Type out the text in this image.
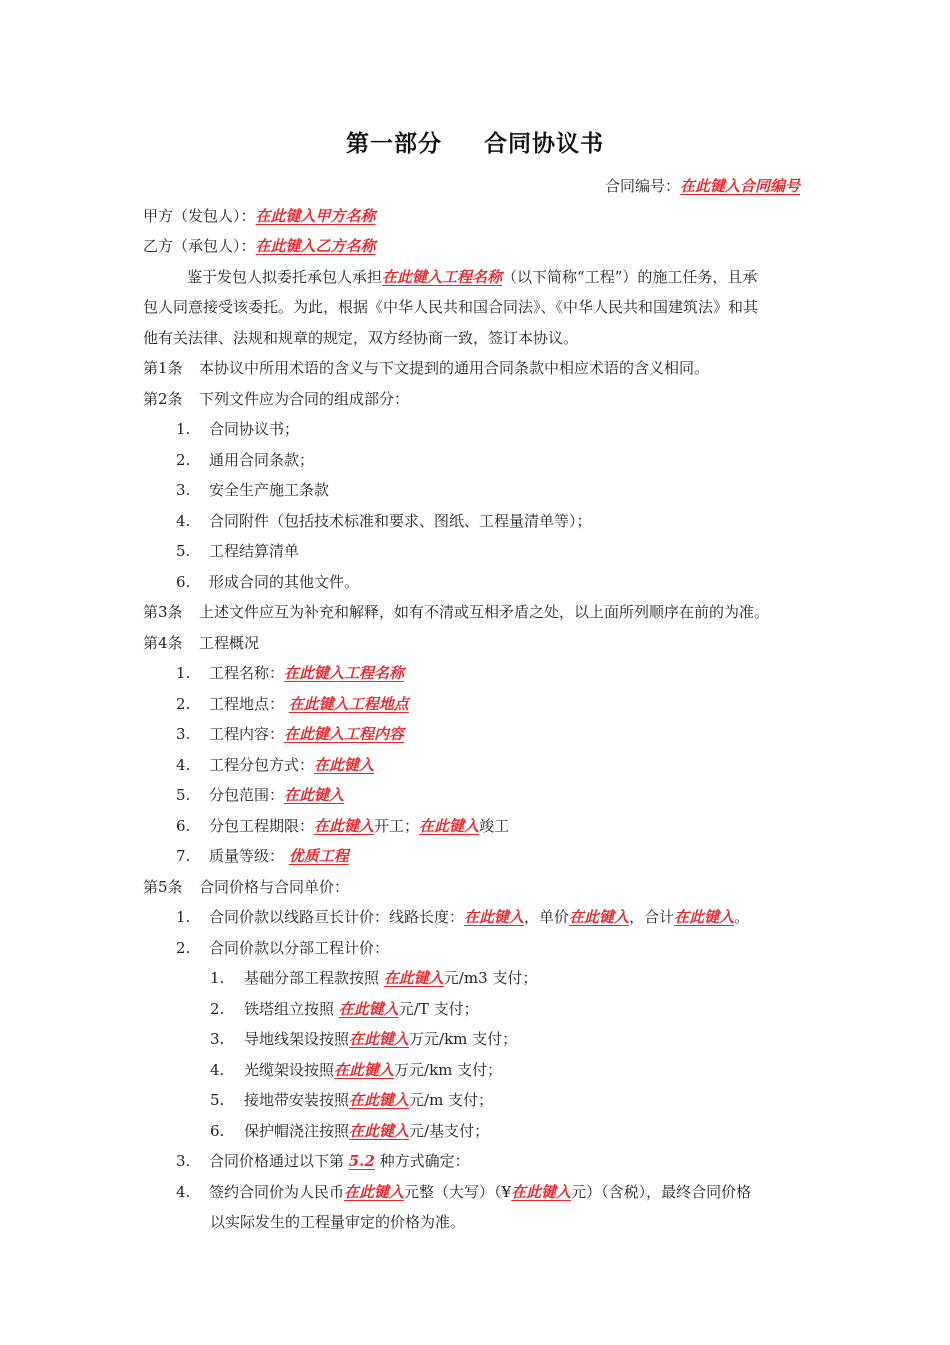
第一部分 合同协议书
合同编号：在此键入合同编号
甲方（发包人）：在此键入甲方名称
乙方（承包人）：在此键入乙方名称
鉴于发包人拟委托承包人承担在此键入工程名称（以下简称“工程”）的施工任务，且承
包人同意接受该委托。为此，根据《中华人民共和国合同法》、《中华人民共和国建筑法》和其
他有关法律、法规和规章的规定，双方经协商一致，签订本协议。
第1条 本协议中所用术语的含义与下文提到的通用合同条款中相应术语的含义相同。
第2条 下列文件应为合同的组成部分：
1. 合同协议书；
2. 通用合同条款；
3. 安全生产施工条款
4. 合同附件（包括技术标准和要求、图纸、工程量清单等）；
5. 工程结算清单
6. 形成合同的其他文件。
第3条 上述文件应互为补充和解释，如有不清或互相矛盾之处，以上面所列顺序在前的为准。
第4条 工程概况
1. 工程名称：在此键入工程名称
2. 工程地点： 在此键入工程地点
3. 工程内容：在此键入工程内容
4. 工程分包方式：在此键入
5. 分包范围：在此键入
6. 分包工程期限：在此键入开工；在此键入竣工
7. 质量等级： 优质工程
第5条 合同价格与合同单价：
1. 合同价款以线路亘长计价：线路长度：在此键入，单价在此键入，合计在此键入。
2. 合同价款以分部工程计价：
1. 基础分部工程款按照 在此键入元/m3 支付；
2. 铁塔组立按照 在此键入元/T 支付；
3. 导地线架设按照在此键入万元/km 支付；
4. 光缆架设按照在此键入万元/km 支付；
5. 接地带安装按照在此键入元/m 支付；
6. 保护帽浇注按照在此键入元/基支付；
3. 合同价格通过以下第 5.2 种方式确定：
4. 签约合同价为人民币在此键入元整（大写）（¥在此键入元）（含税），最终合同价格
以实际发生的工程量审定的价格为准。
